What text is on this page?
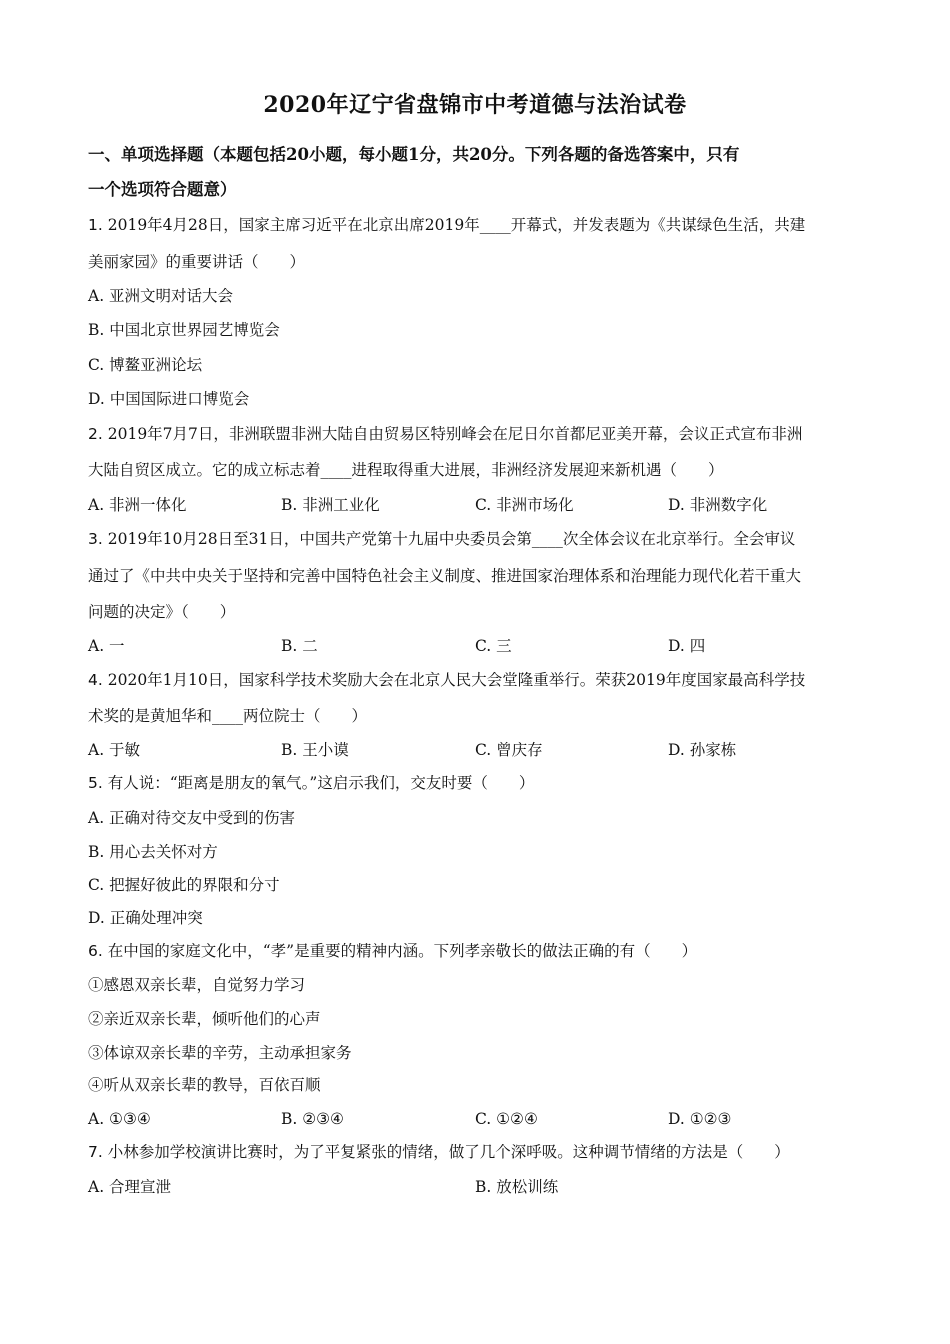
2020年辽宁省盘锦市中考道德与法治试卷
一、单项选择题（本题包括20小题，每小题1分，共20分。下列各题的备选答案中，只有
一个选项符合题意）
1. 2019年4月28日，国家主席习近平在北京出席2019年____开幕式，并发表题为《共谋绿色生活，共建
美丽家园》的重要讲话（　　）
A. 亚洲文明对话大会
B. 中国北京世界园艺博览会
C. 博鳌亚洲论坛
D. 中国国际进口博览会
2. 2019年7月7日，非洲联盟非洲大陆自由贸易区特别峰会在尼日尔首都尼亚美开幕，会议正式宣布非洲
大陆自贸区成立。它的成立标志着____进程取得重大进展，非洲经济发展迎来新机遇（　　）
A. 非洲一体化	B. 非洲工业化	C. 非洲市场化	D. 非洲数字化
3. 2019年10月28日至31日，中国共产党第十九届中央委员会第____次全体会议在北京举行。全会审议
通过了《中共中央关于坚持和完善中国特色社会主义制度、推进国家治理体系和治理能力现代化若干重大
问题的决定》（　　）
A. 一	B. 二	C. 三	D. 四
4. 2020年1月10日，国家科学技术奖励大会在北京人民大会堂隆重举行。荣获2019年度国家最高科学技
术奖的是黄旭华和____两位院士（　　）
A. 于敏	B. 王小谟	C. 曾庆存	D. 孙家栋
5. 有人说：“距离是朋友的氧气。”这启示我们，交友时要（　　）
A. 正确对待交友中受到的伤害
B. 用心去关怀对方
C. 把握好彼此的界限和分寸
D. 正确处理冲突
6. 在中国的家庭文化中，“孝”是重要的精神内涵。下列孝亲敬长的做法正确的有（　　）
①感恩双亲长辈，自觉努力学习
②亲近双亲长辈，倾听他们的心声
③体谅双亲长辈的辛劳，主动承担家务
④听从双亲长辈的教导，百依百顺
A. ①③④	B. ②③④	C. ①②④	D. ①②③
7. 小林参加学校演讲比赛时，为了平复紧张的情绪，做了几个深呼吸。这种调节情绪的方法是（　　）
A. 合理宣泄	B. 放松训练
